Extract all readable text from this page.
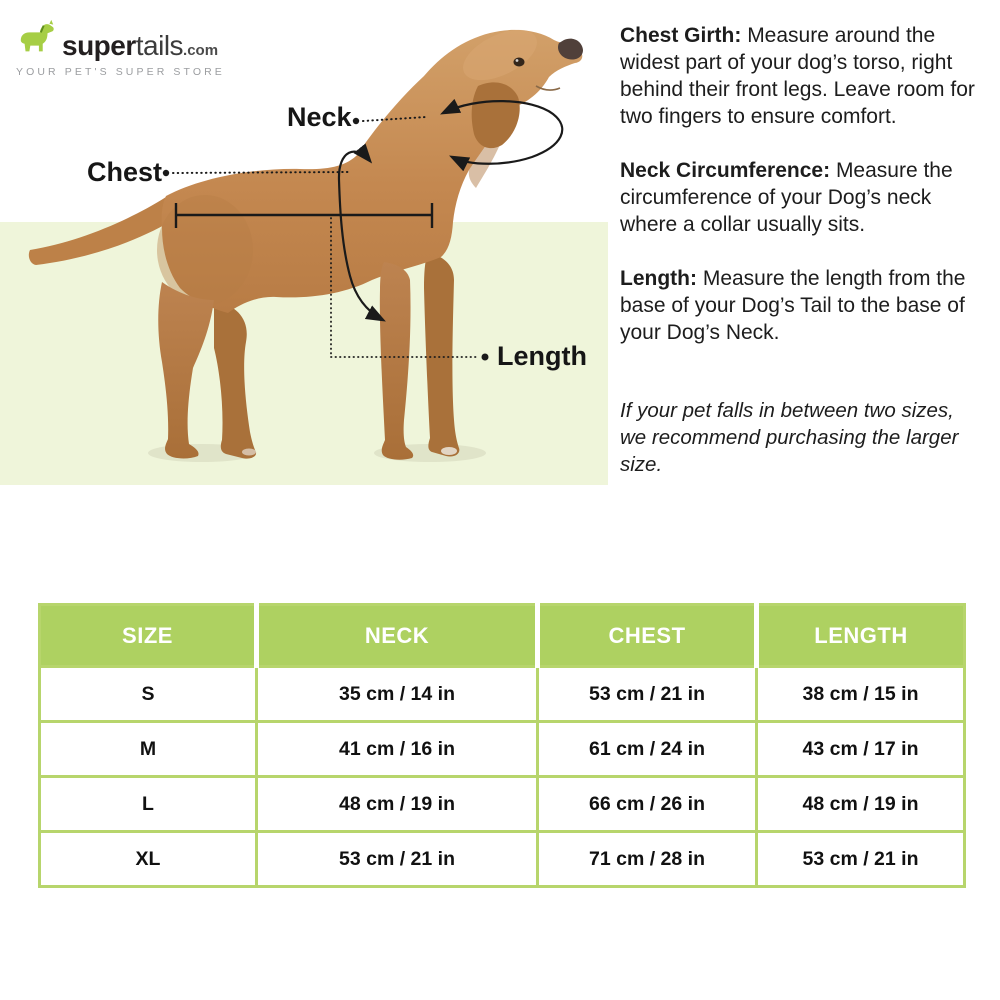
Neck
Chest
Length
supertails.com
YOUR PET'S SUPER STORE

Chest Girth: Measure around the widest part of your dog’s torso, right behind their front legs. Leave room for two fingers to ensure comfort.

Neck Circumference: Measure the circumference of your Dog’s neck where a collar usually sits.

Length: Measure the length from the base of your Dog’s Tail to the base of your Dog’s Neck.

If your pet falls in between two sizes, we recommend purchasing the larger size.

SIZE	NECK	CHEST	LENGTH
S	35 cm / 14 in	53 cm / 21 in	38 cm / 15 in
M	41 cm / 16 in	61 cm / 24 in	43 cm / 17 in
L	48 cm / 19 in	66 cm / 26 in	48 cm / 19 in
XL	53 cm / 21 in	71 cm / 28 in	53 cm / 21 in
